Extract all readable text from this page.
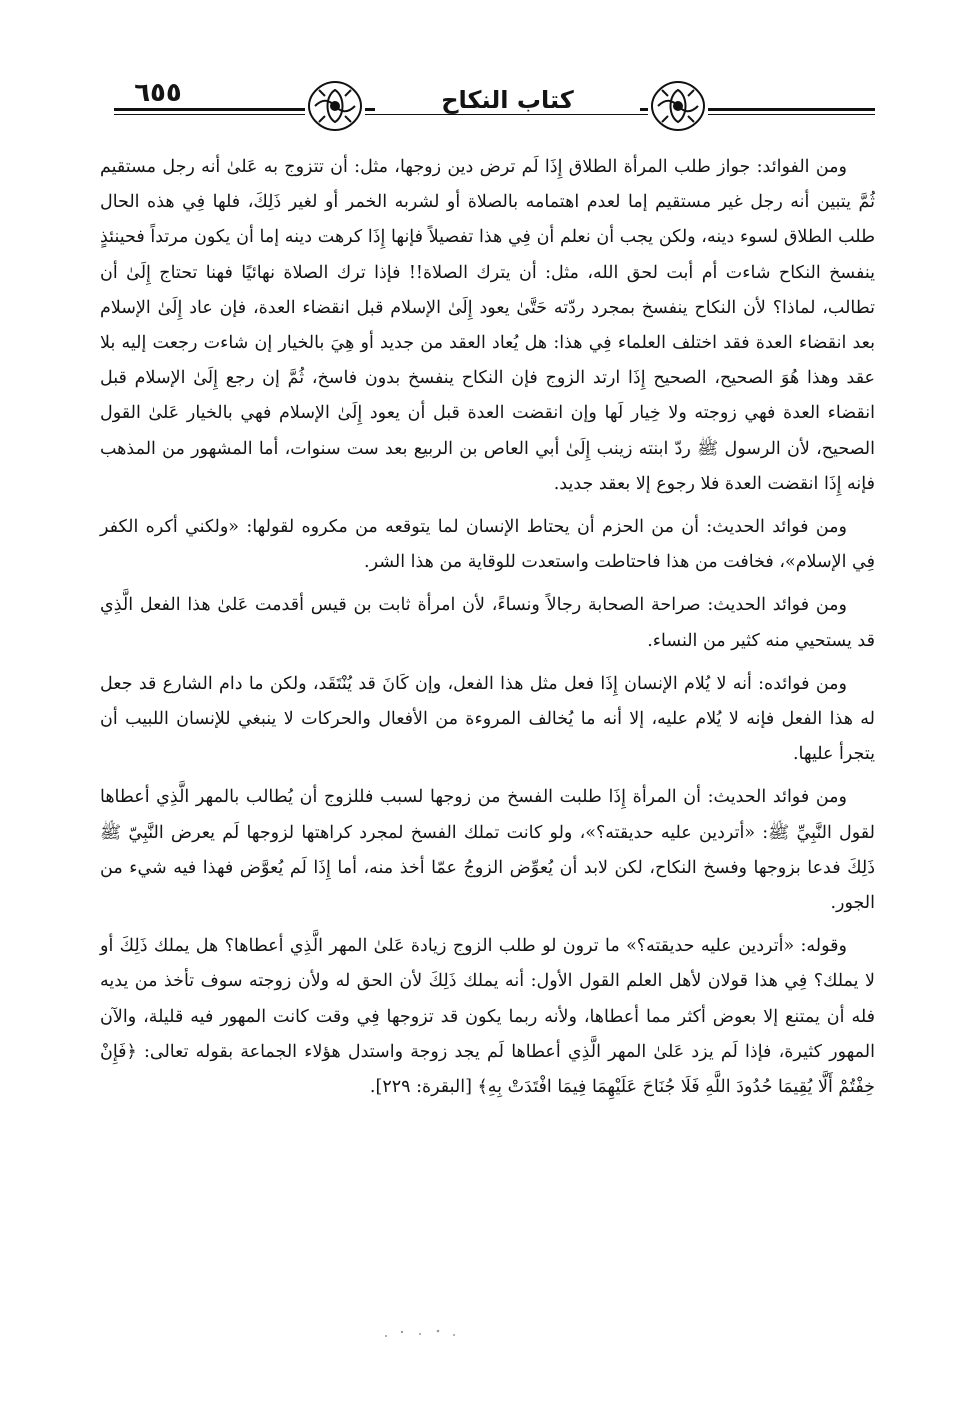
٦٥٥	كتاب النكاح

ومن الفوائد: جواز طلب المرأة الطلاق إِذَا لَم ترض دين زوجها، مثل: أن تتزوج به عَلىٰ أنه رجل مستقيم ثُمَّ يتبين أنه رجل غير مستقيم إما لعدم اهتمامه بالصلاة أو لشربه الخمر أو لغير ذَلِكَ، فلها فِي هذه الحال طلب الطلاق لسوء دينه، ولكن يجب أن نعلم أن فِي هذا تفصيلاً فإنها إِذَا كرهت دينه إما أن يكون مرتداً فحينئذٍ ينفسخ النكاح شاءت أم أبت لحق الله، مثل: أن يترك الصلاة!! فإذا ترك الصلاة نهائيًا فهنا تحتاج إِلَىٰ أن تطالب، لماذا؟ لأن النكاح ينفسخ بمجرد ردّته حَتَّىٰ يعود إِلَىٰ الإسلام قبل انقضاء العدة، فإن عاد إِلَىٰ الإسلام بعد انقضاء العدة فقد اختلف العلماء فِي هذا: هل يُعاد العقد من جديد أو هِيَ بالخيار إن شاءت رجعت إليه بلا عقد وهذا هُوَ الصحيح، الصحيح إِذَا ارتد الزوج فإن النكاح ينفسخ بدون فاسخ، ثُمَّ إن رجع إِلَىٰ الإسلام قبل انقضاء العدة فهي زوجته ولا خِيار لَها وإن انقضت العدة قبل أن يعود إِلَىٰ الإسلام فهي بالخيار عَلىٰ القول الصحيح، لأن الرسول ﷺ ردّ ابنته زينب إِلَىٰ أبي العاص بن الربيع بعد ست سنوات، أما المشهور من المذهب فإنه إِذَا انقضت العدة فلا رجوع إلا بعقد جديد.

ومن فوائد الحديث: أن من الحزم أن يحتاط الإنسان لما يتوقعه من مكروه لقولها: «ولكني أكره الكفر فِي الإسلام»، فخافت من هذا فاحتاطت واستعدت للوقاية من هذا الشر.

ومن فوائد الحديث: صراحة الصحابة رجالاً ونساءً، لأن امرأة ثابت بن قيس أقدمت عَلىٰ هذا الفعل الَّذِي قد يستحيي منه كثير من النساء.

ومن فوائده: أنه لا يُلام الإنسان إِذَا فعل مثل هذا الفعل، وإن كَانَ قد يُنْتَقَد، ولكن ما دام الشارع قد جعل له هذا الفعل فإنه لا يُلام عليه، إلا أنه ما يُخالف المروءة من الأفعال والحركات لا ينبغي للإنسان اللبيب أن يتجرأ عليها.

ومن فوائد الحديث: أن المرأة إِذَا طلبت الفسخ من زوجها لسبب فللزوج أن يُطالب بالمهر الَّذِي أعطاها لقول النَّبِيِّ ﷺ: «أتردين عليه حديقته؟»، ولو كانت تملك الفسخ لمجرد كراهتها لزوجها لَم يعرض النَّبِيّ ﷺ ذَلِكَ فدعا بزوجها وفسخ النكاح، لكن لابد أن يُعوِّض الزوجُ عمّا أخذ منه، أما إِذَا لَم يُعوَّض فهذا فيه شيء من الجور.

وقوله: «أتردين عليه حديقته؟» ما ترون لو طلب الزوج زيادة عَلىٰ المهر الَّذِي أعطاها؟ هل يملك ذَلِكَ أو لا يملك؟ فِي هذا قولان لأهل العلم القول الأول: أنه يملك ذَلِكَ لأن الحق له ولأن زوجته سوف تأخذ من يديه فله أن يمتنع إلا بعوض أكثر مما أعطاها، ولأنه ربما يكون قد تزوجها فِي وقت كانت المهور فيه قليلة، والآن المهور كثيرة، فإذا لَم يزد عَلىٰ المهر الَّذِي أعطاها لَم يجد زوجة واستدل هؤلاء الجماعة بقوله تعالى: ﴿فَإِنْ خِفْتُمْ أَلَّا يُقِيمَا حُدُودَ اللَّهِ فَلَا جُنَاحَ عَلَيْهِمَا فِيمَا افْتَدَتْ بِهِ﴾ [البقرة: ٢٢٩].
